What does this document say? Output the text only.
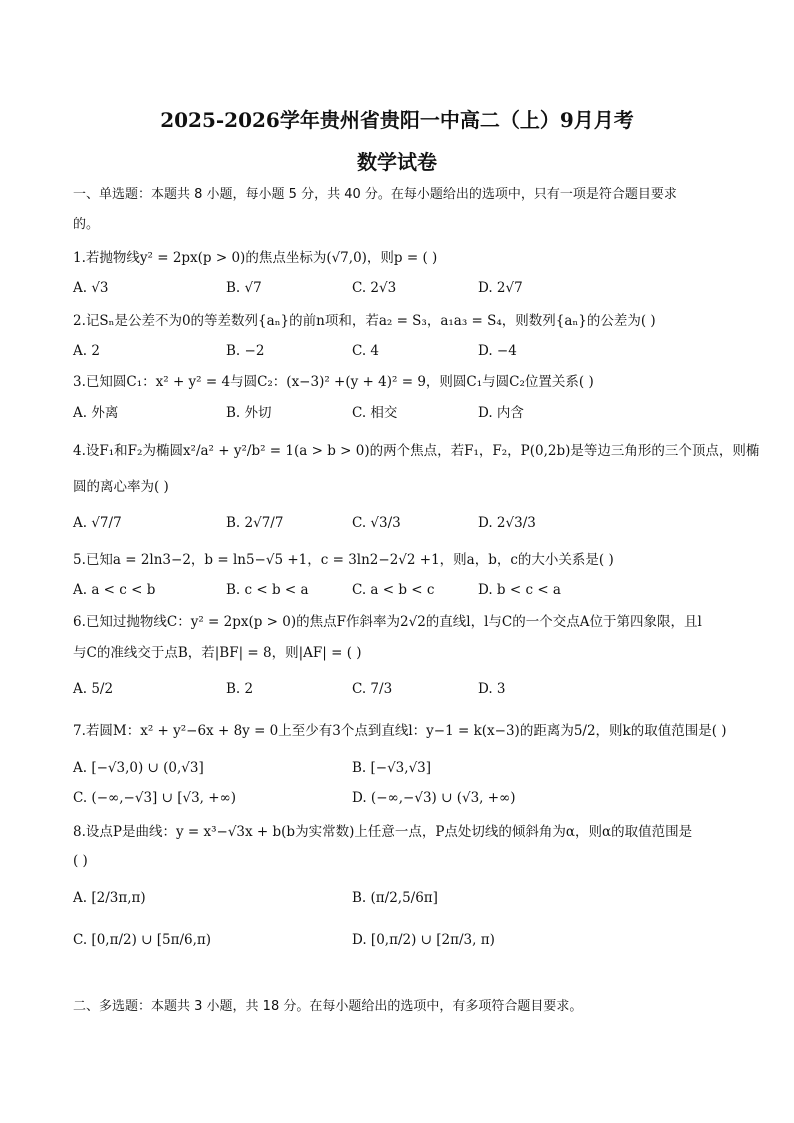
2025-2026学年贵州省贵阳一中高二（上）9月月考
数学试卷
一、单选题：本题共 8 小题，每小题 5 分，共 40 分。在每小题给出的选项中，只有一项是符合题目要求
的。
1.若抛物线y² = 2px(p > 0)的焦点坐标为(√7,0)，则p = ( )
A. √3	B. √7	C. 2√3	D. 2√7
2.记Sₙ是公差不为0的等差数列{aₙ}的前n项和，若a₂ = S₃，a₁a₃ = S₄，则数列{aₙ}的公差为( )
A. 2	B. −2	C. 4	D. −4
3.已知圆C₁：x² + y² = 4与圆C₂：(x−3)² +(y + 4)² = 9，则圆C₁与圆C₂位置关系( )
A. 外离	B. 外切	C. 相交	D. 内含
4.设F₁和F₂为椭圆x²/a² + y²/b² = 1(a > b > 0)的两个焦点，若F₁，F₂，P(0,2b)是等边三角形的三个顶点，则椭
圆的离心率为( )
A. √7/7	B. 2√7/7	C. √3/3	D. 2√3/3
5.已知a = 2ln3−2，b = ln5−√5 +1，c = 3ln2−2√2 +1，则a，b，c的大小关系是( )
A. a < c < b	B. c < b < a	C. a < b < c	D. b < c < a
6.已知过抛物线C：y² = 2px(p > 0)的焦点F作斜率为2√2的直线l，l与C的一个交点A位于第四象限，且l
与C的准线交于点B，若|BF| = 8，则|AF| = ( )
A. 5/2	B. 2	C. 7/3	D. 3
7.若圆M：x² + y²−6x + 8y = 0上至少有3个点到直线l：y−1 = k(x−3)的距离为5/2，则k的取值范围是( )
A. [−√3,0) ∪ (0,√3]	B. [−√3,√3]
C. (−∞,−√3] ∪ [√3, +∞)	D. (−∞,−√3) ∪ (√3, +∞)
8.设点P是曲线：y = x³−√3x + b(b为实常数)上任意一点，P点处切线的倾斜角为α，则α的取值范围是
( )
A. [2/3π,π)	B. (π/2,5/6π]
C. [0,π/2) ∪ [5π/6,π)	D. [0,π/2) ∪ [2π/3, π)
二、多选题：本题共 3 小题，共 18 分。在每小题给出的选项中，有多项符合题目要求。
